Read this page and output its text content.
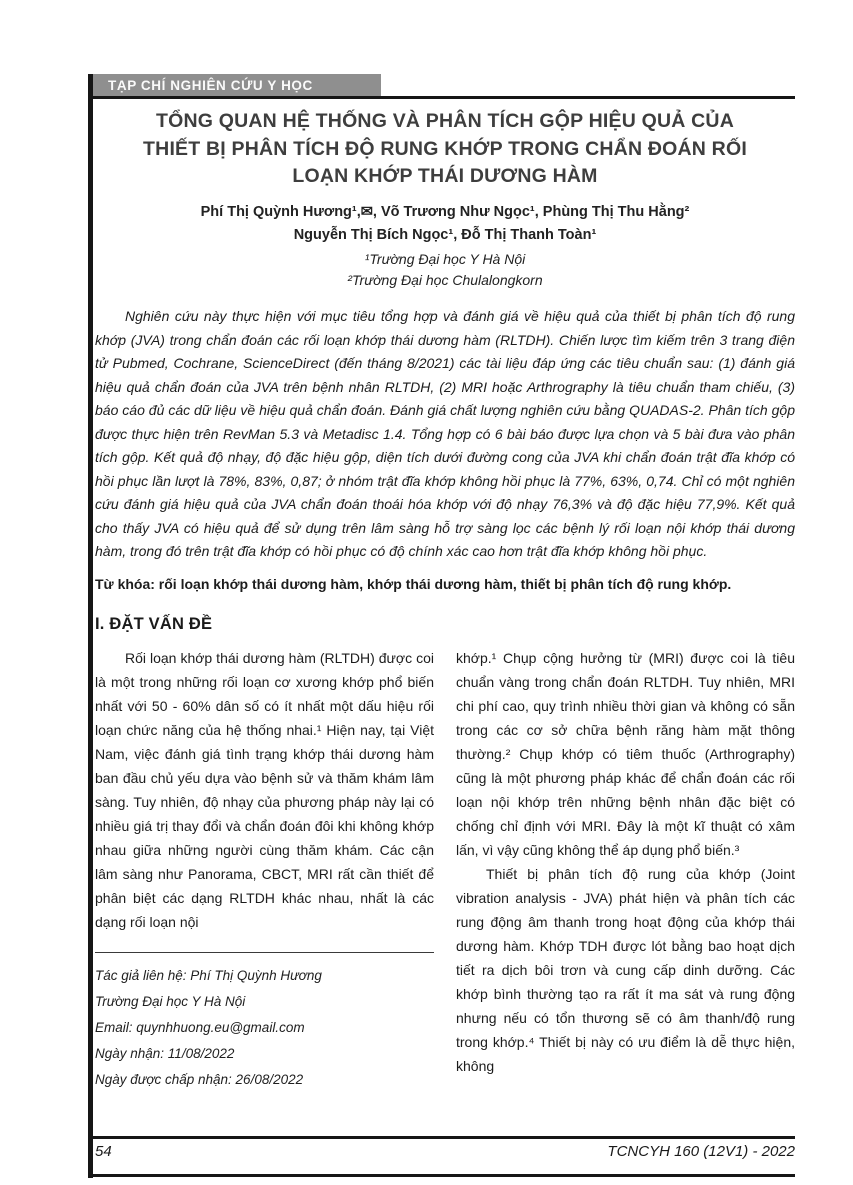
TẠP CHÍ NGHIÊN CỨU Y HỌC
TỔNG QUAN HỆ THỐNG VÀ PHÂN TÍCH GỘP HIỆU QUẢ CỦA THIẾT BỊ PHÂN TÍCH ĐỘ RUNG KHỚP TRONG CHẨN ĐOÁN RỐI LOẠN KHỚP THÁI DƯƠNG HÀM
Phí Thị Quỳnh Hương¹,✉, Võ Trương Như Ngọc¹, Phùng Thị Thu Hằng²
Nguyễn Thị Bích Ngọc¹, Đỗ Thị Thanh Toàn¹
¹Trường Đại học Y Hà Nội
²Trường Đại học Chulalongkorn

Nghiên cứu này thực hiện với mục tiêu tổng hợp và đánh giá về hiệu quả của thiết bị phân tích độ rung khớp (JVA) trong chẩn đoán các rối loạn khớp thái dương hàm (RLTDH). Chiến lược tìm kiếm trên 3 trang điện tử Pubmed, Cochrane, ScienceDirect (đến tháng 8/2021) các tài liệu đáp ứng các tiêu chuẩn sau: (1) đánh giá hiệu quả chẩn đoán của JVA trên bệnh nhân RLTDH, (2) MRI hoặc Arthrography là tiêu chuẩn tham chiếu, (3) báo cáo đủ các dữ liệu về hiệu quả chẩn đoán. Đánh giá chất lượng nghiên cứu bằng QUADAS-2. Phân tích gộp được thực hiện trên RevMan 5.3 và Metadisc 1.4. Tổng hợp có 6 bài báo được lựa chọn và 5 bài đưa vào phân tích gộp. Kết quả độ nhạy, độ đặc hiệu gộp, diện tích dưới đường cong của JVA khi chẩn đoán trật đĩa khớp có hồi phục lần lượt là 78%, 83%, 0,87; ở nhóm trật đĩa khớp không hồi phục là 77%, 63%, 0,74. Chỉ có một nghiên cứu đánh giá hiệu quả của JVA chẩn đoán thoái hóa khớp với độ nhạy 76,3% và độ đặc hiệu 77,9%. Kết quả cho thấy JVA có hiệu quả để sử dụng trên lâm sàng hỗ trợ sàng lọc các bệnh lý rối loạn nội khớp thái dương hàm, trong đó trên trật đĩa khớp có hồi phục có độ chính xác cao hơn trật đĩa khớp không hồi phục.

Từ khóa: rối loạn khớp thái dương hàm, khớp thái dương hàm, thiết bị phân tích độ rung khớp.

I. ĐẶT VẤN ĐỀ

Rối loạn khớp thái dương hàm (RLTDH) được coi là một trong những rối loạn cơ xương khớp phổ biến nhất với 50 - 60% dân số có ít nhất một dấu hiệu rối loạn chức năng của hệ thống nhai.¹ Hiện nay, tại Việt Nam, việc đánh giá tình trạng khớp thái dương hàm ban đầu chủ yếu dựa vào bệnh sử và thăm khám lâm sàng. Tuy nhiên, độ nhạy của phương pháp này lại có nhiều giá trị thay đổi và chẩn đoán đôi khi không khớp nhau giữa những người cùng thăm khám. Các cận lâm sàng như Panorama, CBCT, MRI rất cần thiết để phân biệt các dạng RLTDH khác nhau, nhất là các dạng rối loạn nội

Tác giả liên hệ: Phí Thị Quỳnh Hương
Trường Đại học Y Hà Nội
Email: quynhhuong.eu@gmail.com
Ngày nhận: 11/08/2022
Ngày được chấp nhận: 26/08/2022

khớp.¹ Chụp cộng hưởng từ (MRI) được coi là tiêu chuẩn vàng trong chẩn đoán RLTDH. Tuy nhiên, MRI chi phí cao, quy trình nhiều thời gian và không có sẵn trong các cơ sở chữa bệnh răng hàm mặt thông thường.² Chụp khớp có tiêm thuốc (Arthrography) cũng là một phương pháp khác để chẩn đoán các rối loạn nội khớp trên những bệnh nhân đặc biệt có chống chỉ định với MRI. Đây là một kĩ thuật có xâm lấn, vì vậy cũng không thể áp dụng phổ biến.³

Thiết bị phân tích độ rung của khớp (Joint vibration analysis - JVA) phát hiện và phân tích các rung động âm thanh trong hoạt động của khớp thái dương hàm. Khớp TDH được lót bằng bao hoạt dịch tiết ra dịch bôi trơn và cung cấp dinh dưỡng. Các khớp bình thường tạo ra rất ít ma sát và rung động nhưng nếu có tổn thương sẽ có âm thanh/độ rung trong khớp.⁴ Thiết bị này có ưu điểm là dễ thực hiện, không

54	TCNCYH 160 (12V1) - 2022
